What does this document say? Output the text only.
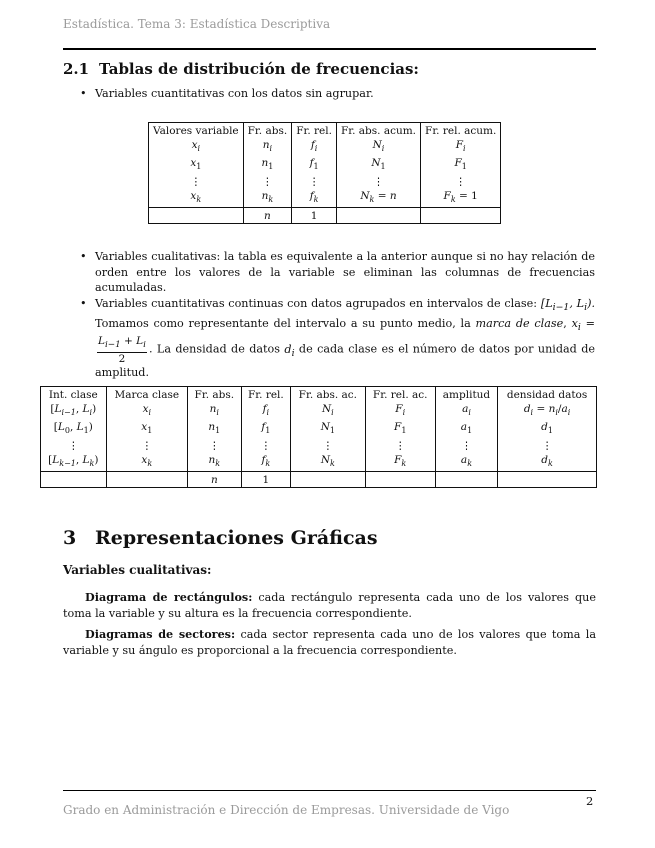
Estadística. Tema 3: Estadística Descriptiva
2.1 Tablas de distribución de frecuencias:
• Variables cuantitativas con los datos sin agrupar.
Valores variable	Fr. abs.	Fr. rel.	Fr. abs. acum.	Fr. rel. acum.
$x_i$	$n_i$	$f_i$	$N_i$	$F_i$
$x_1$	$n_1$	$f_1$	$N_1$	$F_1$
⋮	⋮	⋮	⋮	⋮
$x_k$	$n_k$	$f_k$	$N_k = n$	$F_k = 1$
	n	1		
• Variables cualitativas: la tabla es equivalente a la anterior aunque si no hay relación de orden entre los valores de la variable se eliminan las columnas de frecuencias acumuladas.
• Variables cuantitativas continuas con datos agrupados en intervalos de clase: [$L_{i-1}$, $L_i$). Tomamos como representante del intervalo a su punto medio, la marca de clase, $x_i$ =
$\frac{L_{i-1} + L_i}{2}$ . La densidad de datos $d_i$ de cada clase es el número de datos por unidad de amplitud.
Int. clase	Marca clase	Fr. abs.	Fr. rel.	Fr. abs. ac.	Fr. rel. ac.	amplitud	densidad datos
[$L_{i-1}$, $L_i$)	$x_i$	$n_i$	$f_i$	$N_i$	$F_i$	$a_i$	$d_i = n_i/a_i$
[$L_0$, $L_1$)	$x_1$	$n_1$	$f_1$	$N_1$	$F_1$	$a_1$	$d_1$
⋮	⋮	⋮	⋮	⋮	⋮	⋮	⋮
[$L_{k-1}$, $L_k$)	$x_k$	$n_k$	$f_k$	$N_k$	$F_k$	$a_k$	$d_k$
		n	1				
3 Representaciones Gráficas
Variables cualitativas:
Diagrama de rectángulos: cada rectángulo representa cada uno de los valores que toma la variable y su altura es la frecuencia correspondiente.
Diagramas de sectores: cada sector representa cada uno de los valores que toma la variable y su ángulo es proporcional a la frecuencia correspondiente.
2
Grado en Administración e Dirección de Empresas. Universidade de Vigo
